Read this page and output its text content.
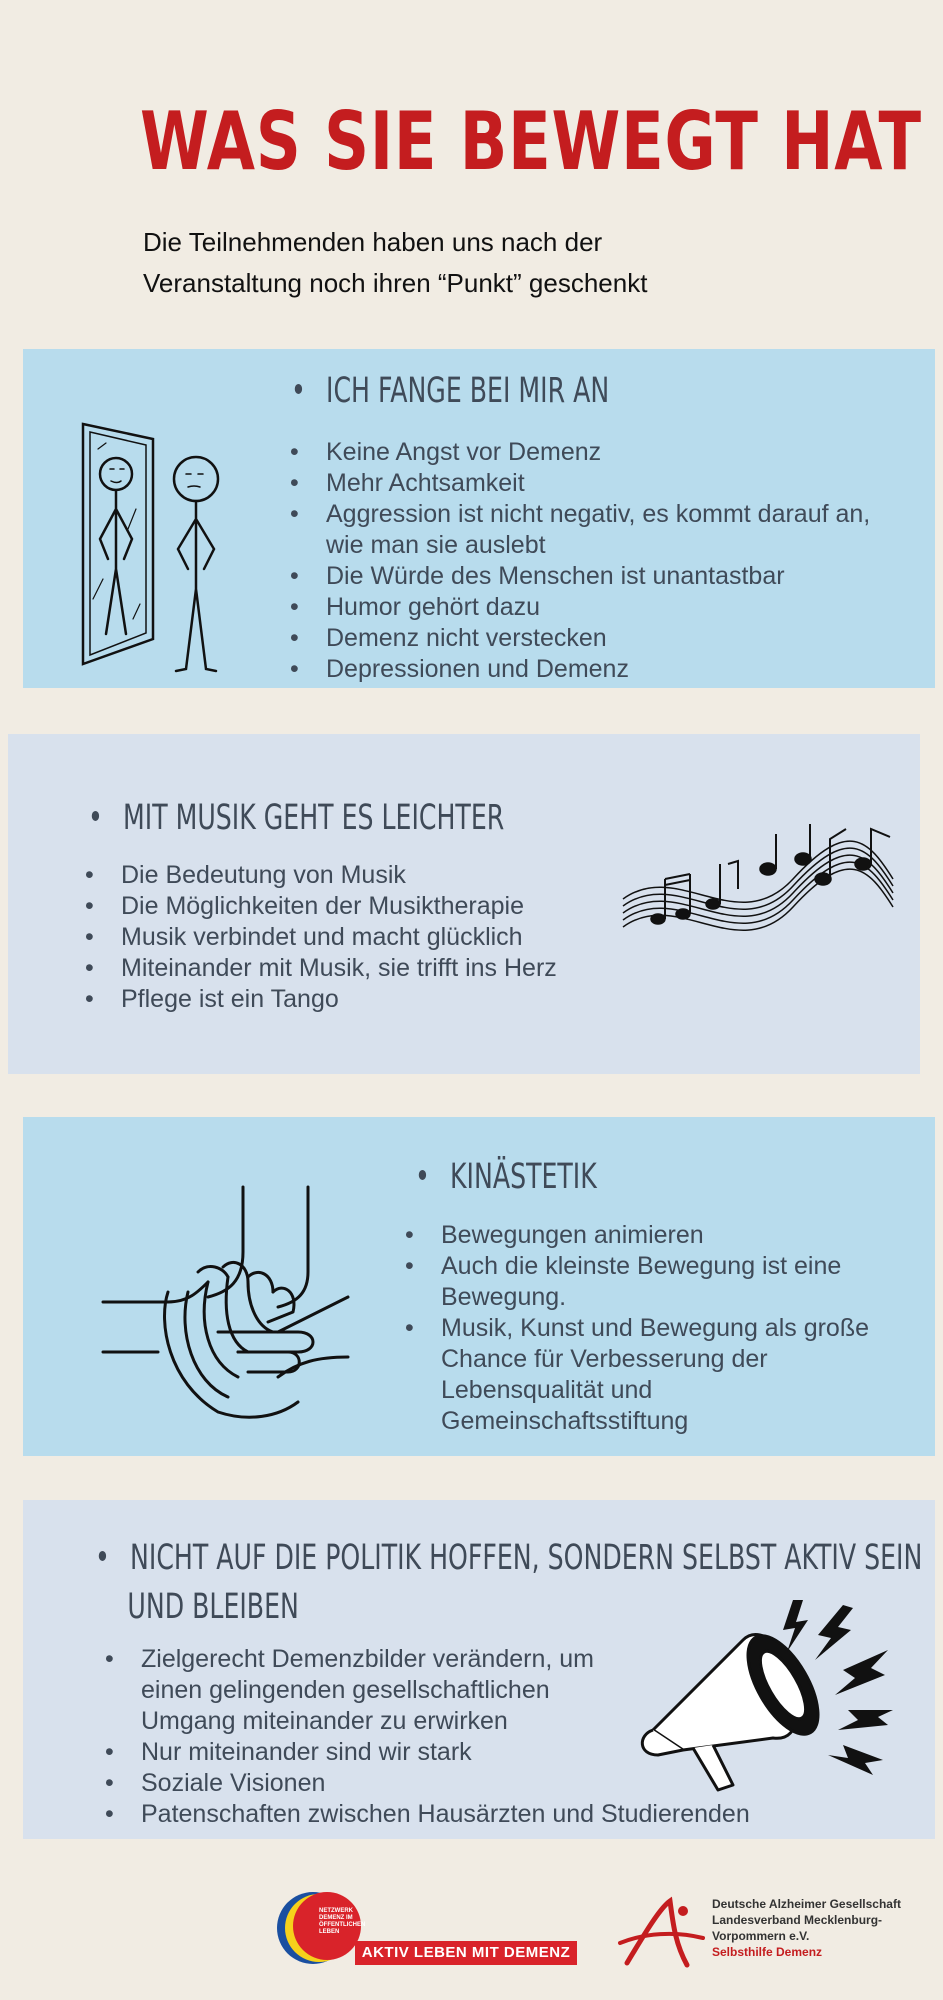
WAS SIE BEWEGT HAT
Die Teilnehmenden haben uns nach der
Veranstaltung noch ihren “Punkt” geschenkt
• ICH FANGE BEI MIR AN
• Keine Angst vor Demenz
• Mehr Achtsamkeit
• Aggression ist nicht negativ, es kommt darauf an, wie man sie auslebt
• Die Würde des Menschen ist unantastbar
• Humor gehört dazu
• Demenz nicht verstecken
• Depressionen und Demenz
• MIT MUSIK GEHT ES LEICHTER
• Die Bedeutung von Musik
• Die Möglichkeiten der Musiktherapie
• Musik verbindet und macht glücklich
• Miteinander mit Musik, sie trifft ins Herz
• Pflege ist ein Tango
• KINÄSTETIK
• Bewegungen animieren
• Auch die kleinste Bewegung ist eine Bewegung.
• Musik, Kunst und Bewegung als große Chance für Verbesserung der Lebensqualität und Gemeinschaftsstiftung
• NICHT AUF DIE POLITIK HOFFEN, SONDERN SELBST AKTIV SEIN
UND BLEIBEN
• Zielgerecht Demenzbilder verändern, um einen gelingenden gesellschaftlichen Umgang miteinander zu erwirken
• Nur miteinander sind wir stark
• Soziale Visionen
• Patenschaften zwischen Hausärzten und Studierenden
NETZWERK
DEMENZ IM
ÖFFENTLICHEN
LEBEN
AKTIV LEBEN MIT DEMENZ
Deutsche Alzheimer Gesellschaft
Landesverband Mecklenburg-
Vorpommern e.V.
Selbsthilfe Demenz
